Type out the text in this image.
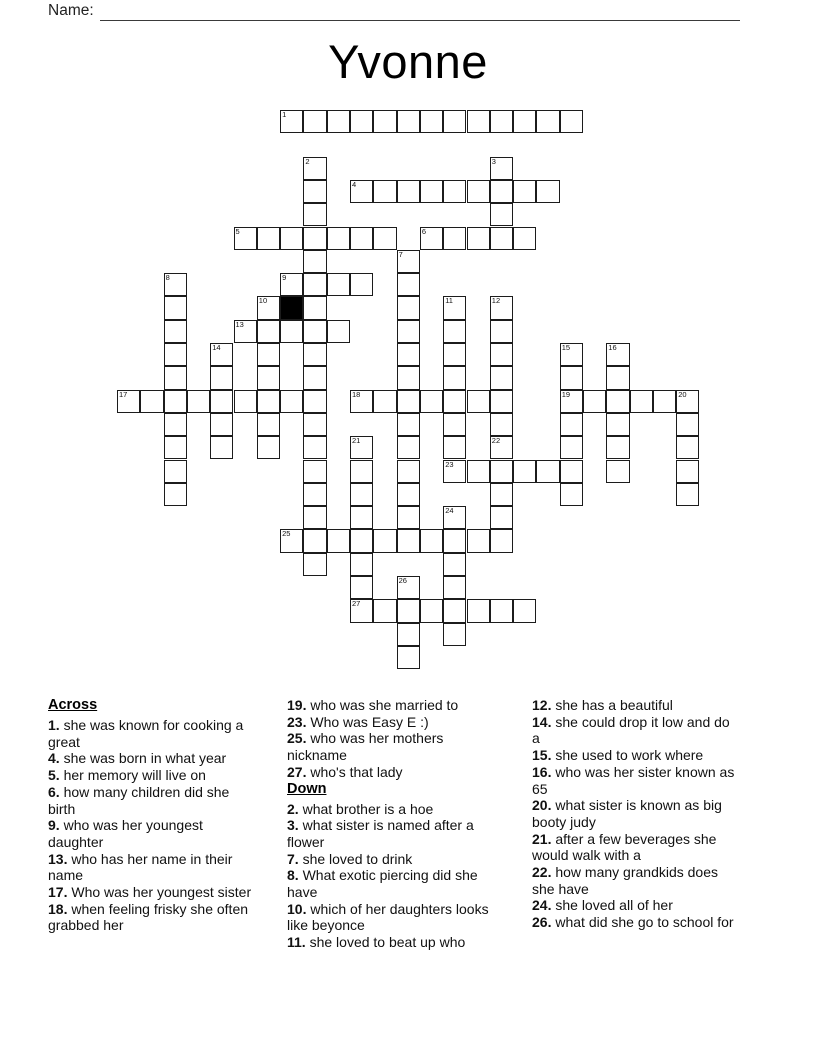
Name:
Yvonne
1
2	3
4
5	6
7
8	9
10	11	12
13
14	15	16
17	18	19	20
21	22
23
24
25
26
27
Across

1. she was known for cooking a great

4. she was born in what year

5. her memory will live on

6. how many children did she birth

9. who was her youngest daughter

13. who has her name in their name

17. Who was her youngest sister

18. when feeling frisky she often grabbed her

19. who was she married to

23. Who was Easy E :)

25. who was her mothers nickname

27. who's that lady

Down

2. what brother is a hoe

3. what sister is named after a flower

7. she loved to drink

8. What exotic piercing did she have

10. which of her daughters looks like beyonce

11. she loved to beat up who

12. she has a beautiful

14. she could drop it low and do a

15. she used to work where

16. who was her sister known as 65

20. what sister is known as big booty judy

21. after a few beverages she would walk with a

22. how many grandkids does she have

24. she loved all of her

26. what did she go to school for
